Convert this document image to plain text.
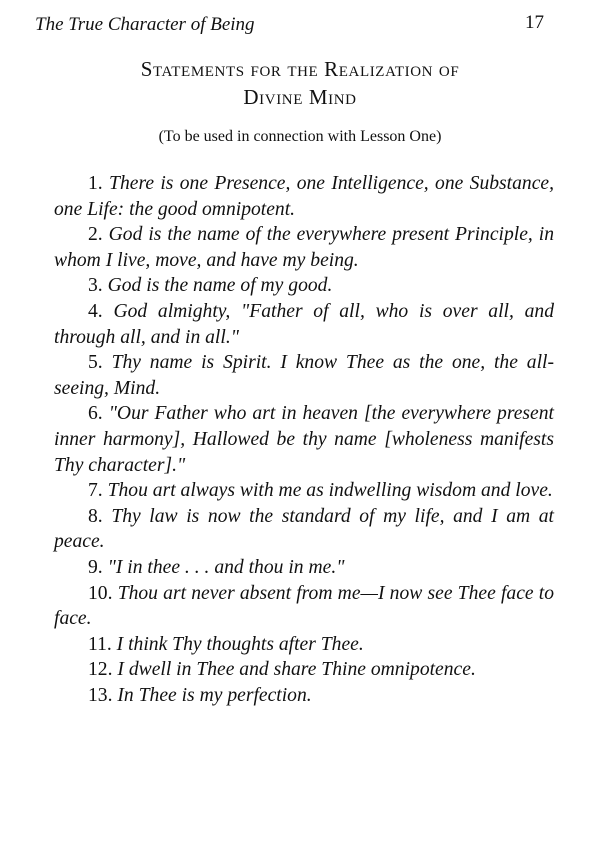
The True Character of Being	17
Statements for the Realization of
Divine Mind
(To be used in connection with Lesson One)
1. There is one Presence, one Intelligence, one Substance, one Life: the good omnipotent.
2. God is the name of the everywhere present Principle, in whom I live, move, and have my being.
3. God is the name of my good.
4. God almighty, "Father of all, who is over all, and through all, and in all."
5. Thy name is Spirit. I know Thee as the one, the all-seeing, Mind.
6. "Our Father who art in heaven [the everywhere present inner harmony], Hallowed be thy name [wholeness manifests Thy character]."
7. Thou art always with me as indwelling wisdom and love.
8. Thy law is now the standard of my life, and I am at peace.
9. "I in thee . . . and thou in me."
10. Thou art never absent from me—I now see Thee face to face.
11. I think Thy thoughts after Thee.
12. I dwell in Thee and share Thine omnipotence.
13. In Thee is my perfection.
